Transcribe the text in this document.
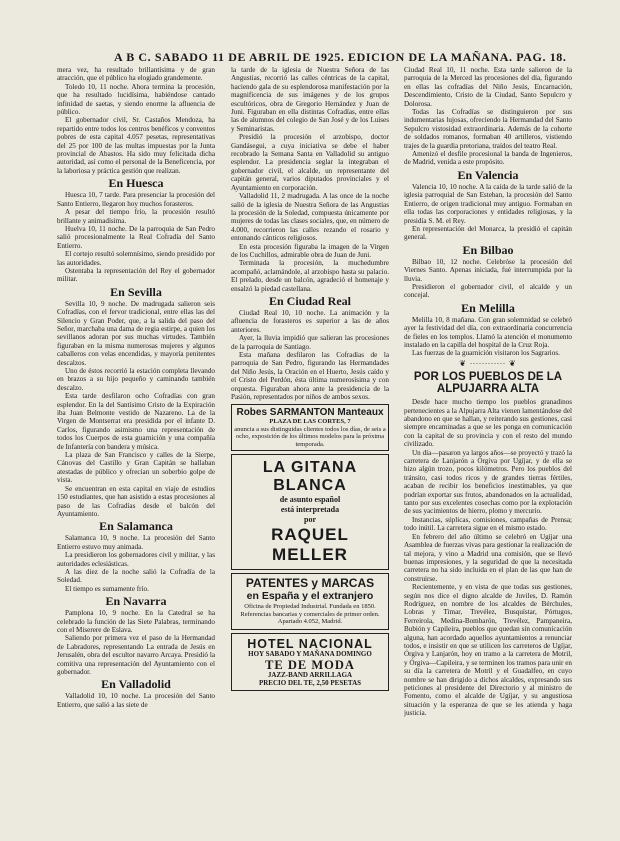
A B C. SABADO 11 DE ABRIL DE 1925. EDICION DE LA MAÑANA. PAG. 18.

mera vez, ha resultado brillantísima y de gran atracción, que el público ha elogiado grandemente.

Toledo 10, 11 noche. Ahora termina la procesión, que ha resultado lucidísima, habiéndose cantado infinidad de saetas, y siendo enorme la afluencia de público.

El gobernador civil, Sr. Castaños Mendoza, ha repartido entre todos los centros benéficos y conventos pobres de esta capital 4.057 pesetas, representativas del 25 por 100 de las multas impuestas por la Junta provincial de Abastos. Ha sido muy felicitada dicha autoridad, así como el personal de la Beneficencia, por la laboriosa y práctica gestión que realizan.

En Huesca

Huesca 10, 7 tarde. Para presenciar la procesión del Santo Entierro, llegaron hoy muchos forasteros.

A pesar del tiempo frío, la procesión resultó brillante y animadísima.

Huelva 10, 11 noche. De la parroquia de San Pedro salió procesionalmente la Real Cofradía del Santo Entierro.

El cortejo resultó solemnísimo, siendo presidido por las autoridades.

Ostentaba la representación del Rey el gobernador militar.

En Sevilla

Sevilla 10, 9 noche. De madrugada salieron seis Cofradías, con el fervor tradicional, entre ellas las del Silencio y Gran Poder, que, a la salida del paso del Señor, marchaba una dama de regia estirpe, a quien los sevillanos adoran por sus muchas virtudes. También figuraban en la misma numerosas mujeres y algunos caballeros con velas encendidas, y mayoría penitentes descalzos.

Uno de éstos recorrió la estación completa llevando en brazos a su hijo pequeño y caminando también descalzo.

Esta tarde desfilaron ocho Cofradías con gran esplendor. En la del Santísimo Cristo de la Expiración iba Juan Belmonte vestido de Nazareno. La de la Virgen de Montserrat era presidida por el infante D. Carlos, figurando asimismo una representación de todos los Cuerpos de esta guarnición y una compañía de Infantería con bandera y música.

La plaza de San Francisco y calles de la Sierpe, Cánovas del Castillo y Gran Capitán se hallaban atestadas de público y ofrecían un soberbio golpe de vista.

Se encuentran en esta capital en viaje de estudios 150 estudiantes, que han asistido a estas procesiones al paso de las Cofradías desde el balcón del Ayuntamiento.

En Salamanca

Salamanca 10, 9 noche. La procesión del Santo Entierro estuvo muy animada.

La presidieron los gobernadores civil y militar, y las autoridades eclesiásticas.

A las diez de la noche salió la Cofradía de la Soledad.

El tiempo es sumamente frío.

En Navarra

Pamplona 10, 9 noche. En la Catedral se ha celebrado la función de las Siete Palabras, terminando con el Miserere de Eslava.

Saliendo por primera vez el paso de la Hermandad de Labradores, representando La entrada de Jesús en Jerusalén, obra del escultor navarro Arcaya. Presidió la comitiva una representación del Ayuntamiento con el gobernador.

En Valladolid

Valladolid 10, 10 noche. La procesión del Santo Entierro, que salió a las siete de

la tarde de la iglesia de Nuestra Señora de las Angustias, recorrió las calles céntricas de la capital, haciendo gala de su esplendorosa manifestación por la magnificencia de sus imágenes y de los grupos escultóricos, obra de Gregorio Hernández y Juan de Juni. Figuraban en ella distintas Cofradías, entre ellas las de alumnos del colegio de San José y de los Luises y Seminaristas.

Presidió la procesión el arzobispo, doctor Gandásegui, a cuya iniciativa se debe el haber recobrado la Semana Santa en Valladolid su antiguo esplendor. La presidencia seglar la integraban el gobernador civil, el alcalde, un representante del capitán general, varios diputados provinciales y el Ayuntamiento en corporación.

Valladolid 11, 2 madrugada. A las once de la noche salió de la iglesia de Nuestra Señora de las Angustias la procesión de la Soledad, compuesta únicamente por mujeres de todas las clases sociales, que, en número de 4.000, recorrieron las calles rezando el rosario y entonando cánticos religiosos.

En esta procesión figuraba la imagen de la Virgen de los Cuchillos, admirable obra de Juan de Juni.

Terminada la procesión, la muchedumbre acompañó, aclamándole, al arzobispo hasta su palacio. El prelado, desde un balcón, agradeció el homenaje y ensalzó la piedad castellana.

En Ciudad Real

Ciudad Real 10, 10 noche. La animación y la afluencia de forasteros es superior a las de años anteriores.

Ayer, la lluvia impidió que salieran las procesiones de la parroquia de Santiago.

Esta mañana desfilaron las Cofradías de la parroquia de San Pedro, figurando las Hermandades del Niño Jesús, la Oración en el Huerto, Jesús caído y el Cristo del Perdón, ésta última numerosísima y con orquesta. Figuraban ahora ante la presidencia de la Pasión, representados por niños de ambos sexos.

Robes SARMANTON Manteaux
PLAZA DE LAS CORTES, 7
anuncia a sus distinguidas clientes todos los días, de seis a ocho, exposición de los últimos modelos para la próxima temporada.
LA GITANA BLANCA
de asunto español
está interpretada
por
RAQUEL MELLER
PATENTES y MARCAS
en España y el extranjero
Oficina de Propiedad Industrial. Fundada en 1850. Referencias bancarias y comerciales de primer orden. Apartado 4.052, Madrid.
HOTEL NACIONAL
HOY SABADO Y MAÑANA DOMINGO
TE DE MODA
JAZZ-BAND ARRILLAGA
PRECIO DEL TE, 2,50 PESETAS

Ciudad Real 10, 11 noche. Esta tarde salieron de la parroquia de la Merced las procesiones del día, figurando en ellas las cofradías del Niño Jesús, Encarnación, Descendimiento, Cristo de la Ciudad, Santo Sepulcro y Dolorosa.

Todas las Cofradías se distinguieron por sus indumentarias lujosas, ofreciendo la Hermandad del Santo Sepulcro vistosidad extraordinaria. Además de la cohorte de soldados romanos, formaban 40 artilleros, vistiendo trajes de la guardia pretoriana, traídos del teatro Real.

Amenizó el desfile procesional la banda de Ingenieros, de Madrid, venida a este propósito.

En Valencia

Valencia 10, 10 noche. A la caída de la tarde salió de la iglesia parroquial de San Esteban, la procesión del Santo Entierro, de origen tradicional muy antiguo. Formaban en ella todas las corporaciones y entidades religiosas, y la presidía S. M. el Rey.

En representación del Monarca, la presidió el capitán general.

En Bilbao

Bilbao 10, 12 noche. Celebróse la procesión del Viernes Santo. Apenas iniciada, fué interrumpida por la lluvia.

Presidieron el gobernador civil, el alcalde y un concejal.

En Melilla

Melilla 10, 8 mañana. Con gran solemnidad se celebró ayer la festividad del día, con extraordinaria concurrencia de fieles en los templos. Llamó la atención el monumento instalado en la capilla del hospital de la Cruz Roja.

Las fuerzas de la guarnición visitaron los Sagrarios.

❦ ∙∙∙∙∙∙∙∙∙∙∙∙ ❦
POR LOS PUEBLOS DE LA ALPUJARRA ALTA

Desde hace mucho tiempo los pueblos granadinos pertenecientes a la Alpujarra Alta vienen lamentándose del abandono en que se hallan, y reiterando sus gestiones, casi siempre encaminadas a que se les ponga en comunicación con la capital de su provincia y con el resto del mundo civilizado.

Un día—pasaron ya largos años—se proyectó y trazó la carretera de Lanjarón a Órgiva por Ugíjar, y de ella se hizo algún trozo, pocos kilómetros. Pero los pueblos del tránsito, casi todos ricos y de grandes tierras fértiles, acaban de recibir los beneficios inestimables, ya que podrían exportar sus frutos, abandonados en la actualidad, tanto por sus excelentes cosechas como por la explotación de sus yacimientos de hierro, plomo y mercurio.

Instancias, súplicas, comisiones, campañas de Prensa; todo inútil. La carretera sigue en el mismo estado.

En febrero del año último se celebró en Ugíjar una Asamblea de fuerzas vivas para gestionar la realización de tal mejora, y vino a Madrid una comisión, que se llevó buenas impresiones, y la seguridad de que la necesitada carretera no ha sido incluida en el plan de las que han de construirse.

Recientemente, y en vista de que todas sus gestiones, según nos dice el digno alcalde de Juviles, D. Ramón Rodríguez, en nombre de los alcaldes de Bérchules, Lobras y Timar, Trevélez, Busquístar, Pórtugos, Ferreirola, Medina-Bombarón, Trevélez, Pampaneira, Bubión y Capileira, pueblos que quedan sin comunicación alguna, han acordado aquellos ayuntamientos a renunciar todos, e insistir en que se utilicen los carreteros de Ugíjar, Órgiva y Lanjarón, hoy en tramo a la carretera de Motril, y Órgiva—Capileira, y se terminen los tramos para unir en su día la carretera de Motril y el Guadalfeo, en cuyo nombre se han dirigido a dichos alcaldes, expresando sus peticiones al presidente del Directorio y al ministro de Fomento, como el alcalde de Ugíjar, y su angustiosa situación y la esperanza de que se les atienda y haga justicia.
